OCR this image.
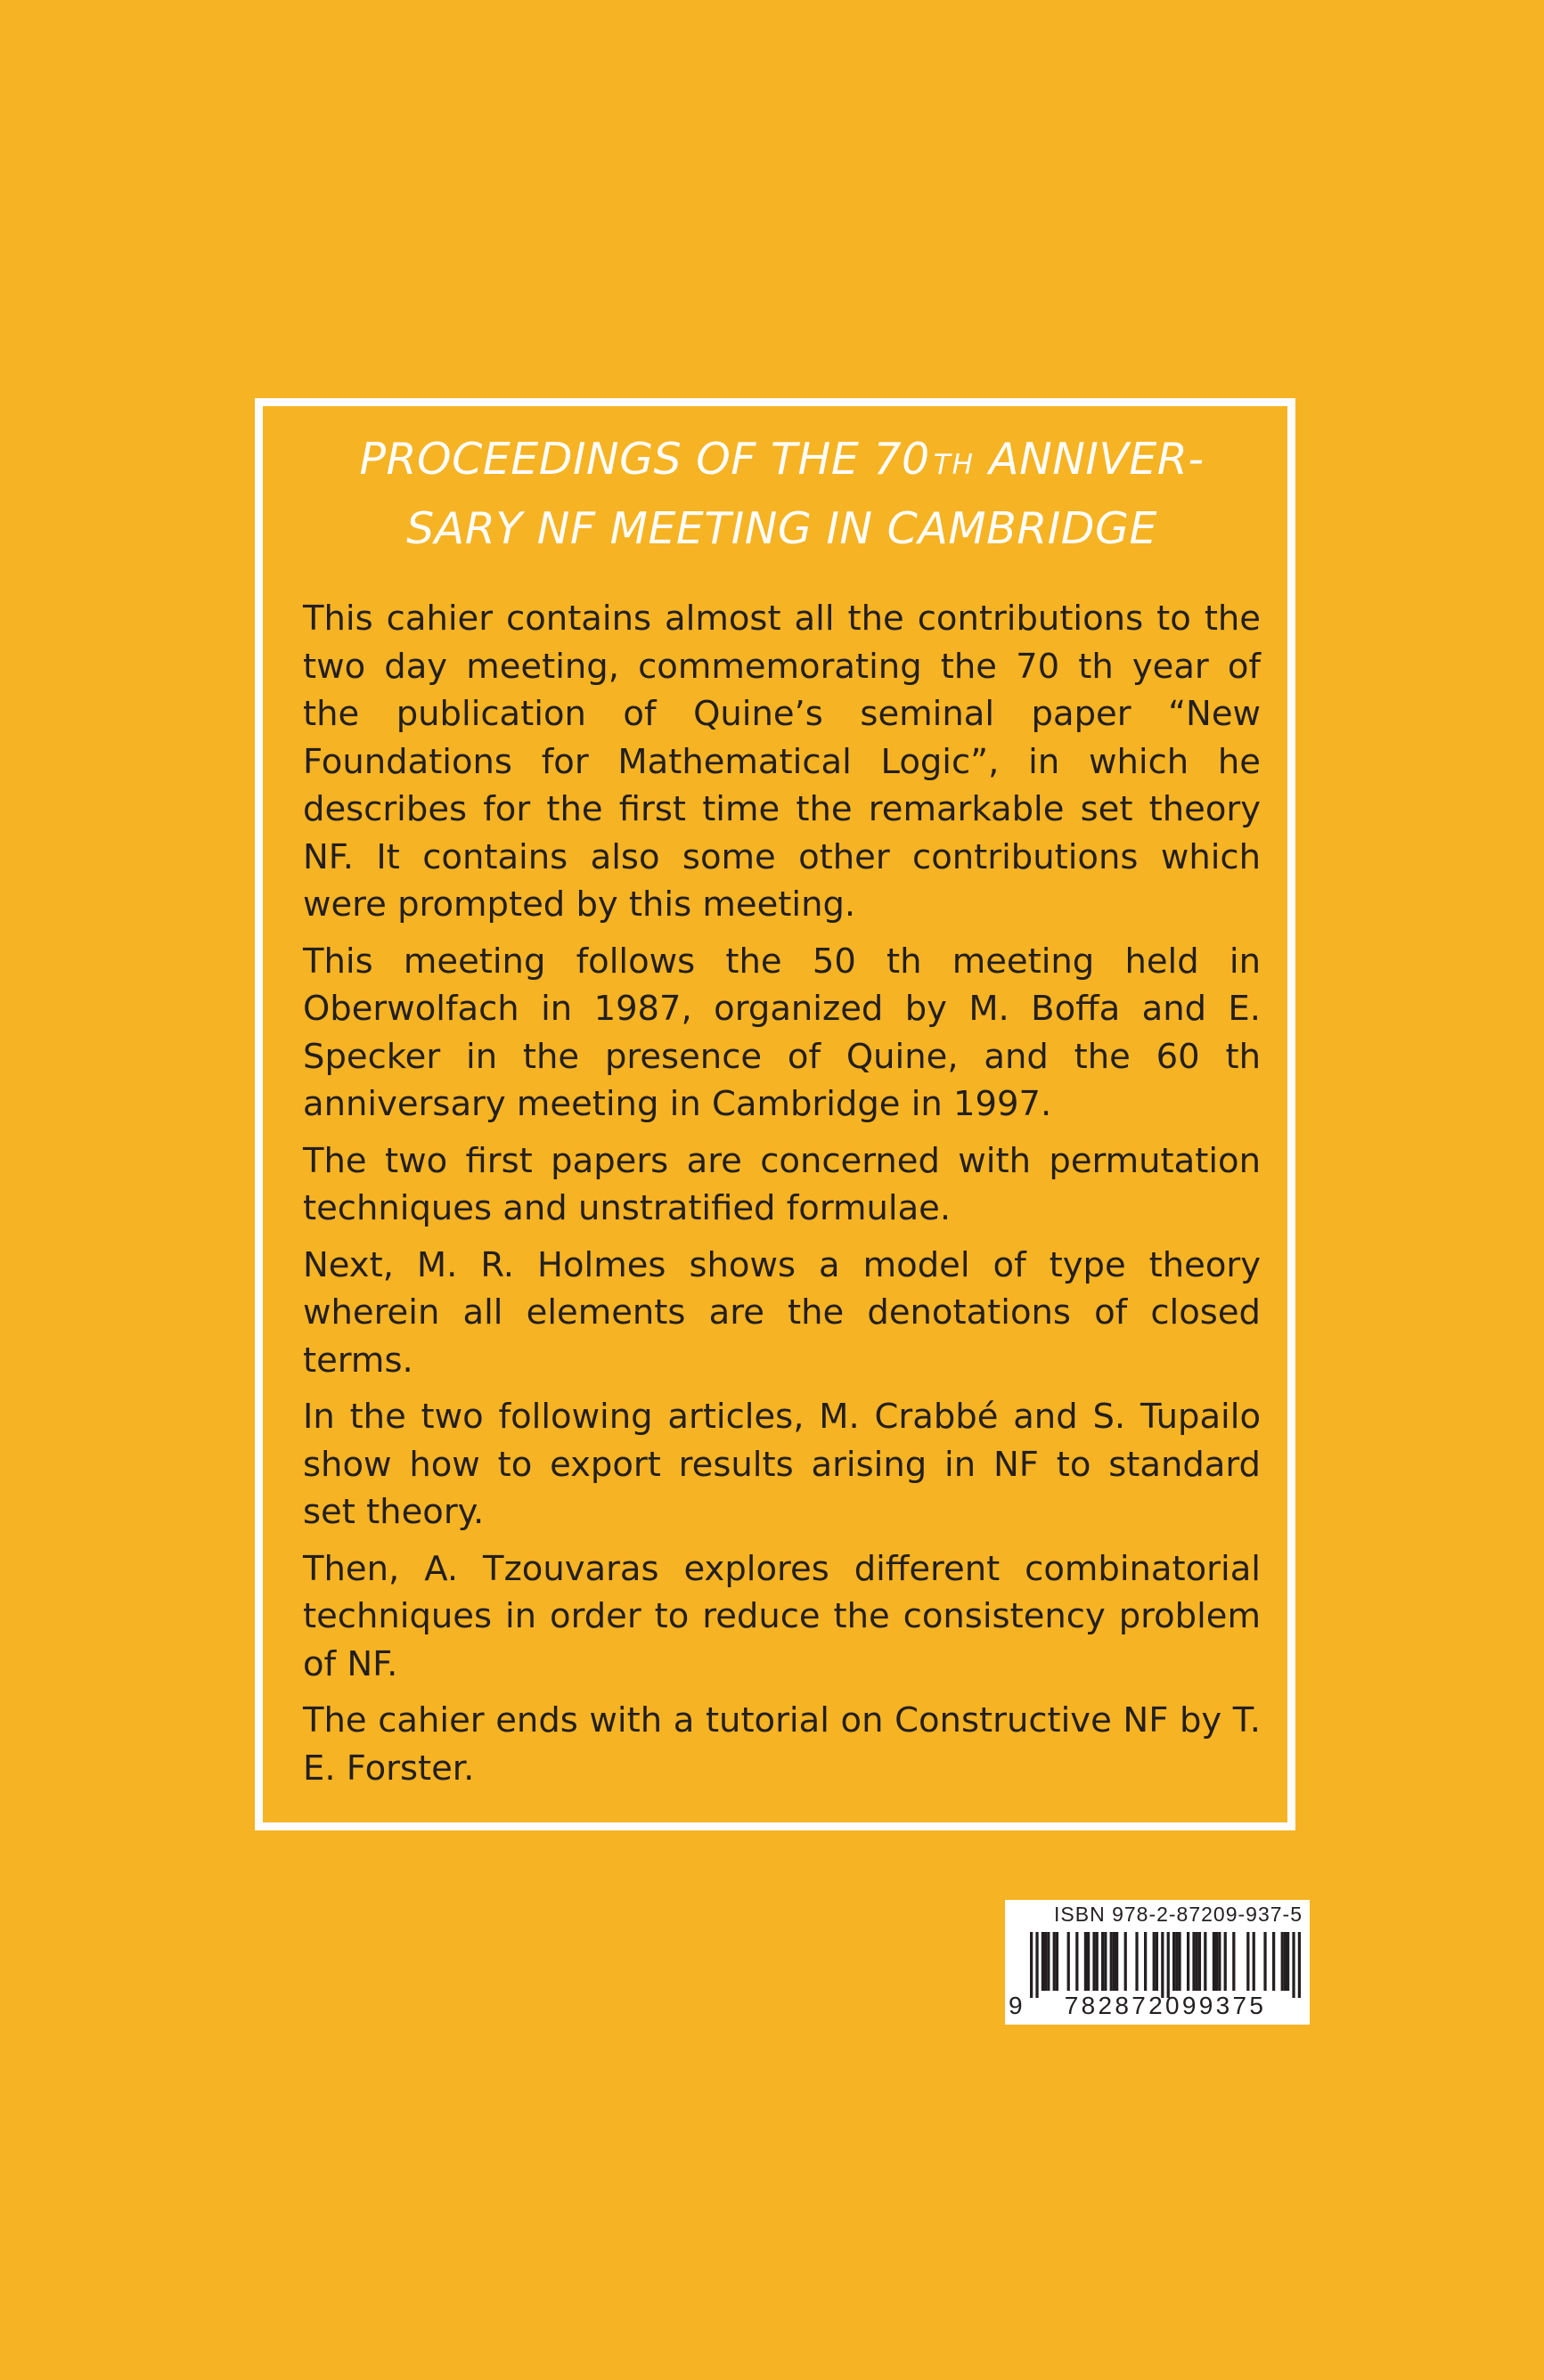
PROCEEDINGS OF THE 70 TH ANNIVER-
SARY NF MEETING IN CAMBRIDGE

This cahier contains almost all the contributions to the two day meeting, commemorating the 70 th year of the publication of Quine’s seminal paper “New Foundations for Mathematical Logic”, in which he describes for the first time the remarkable set theory NF. It contains also some other contributions which were prompted by this meeting.

This meeting follows the 50 th meeting held in Oberwolfach in 1987, organized by M. Boffa and E. Specker in the presence of Quine, and the 60 th anniversary meeting in Cambridge in 1997.

The two first papers are concerned with permutation techniques and unstratified formulae.

Next, M. R. Holmes shows a model of type theory wherein all elements are the denotations of closed terms.

In the two following articles, M. Crabbé and S. Tupailo show how to export results arising in NF to standard set theory.

Then, A. Tzouvaras explores different combinatorial techniques in order to reduce the consistency problem of NF.

The cahier ends with a tutorial on Constructive NF by T. E. Forster.

ISBN 978-2-87209-937-5
9	782872099375
